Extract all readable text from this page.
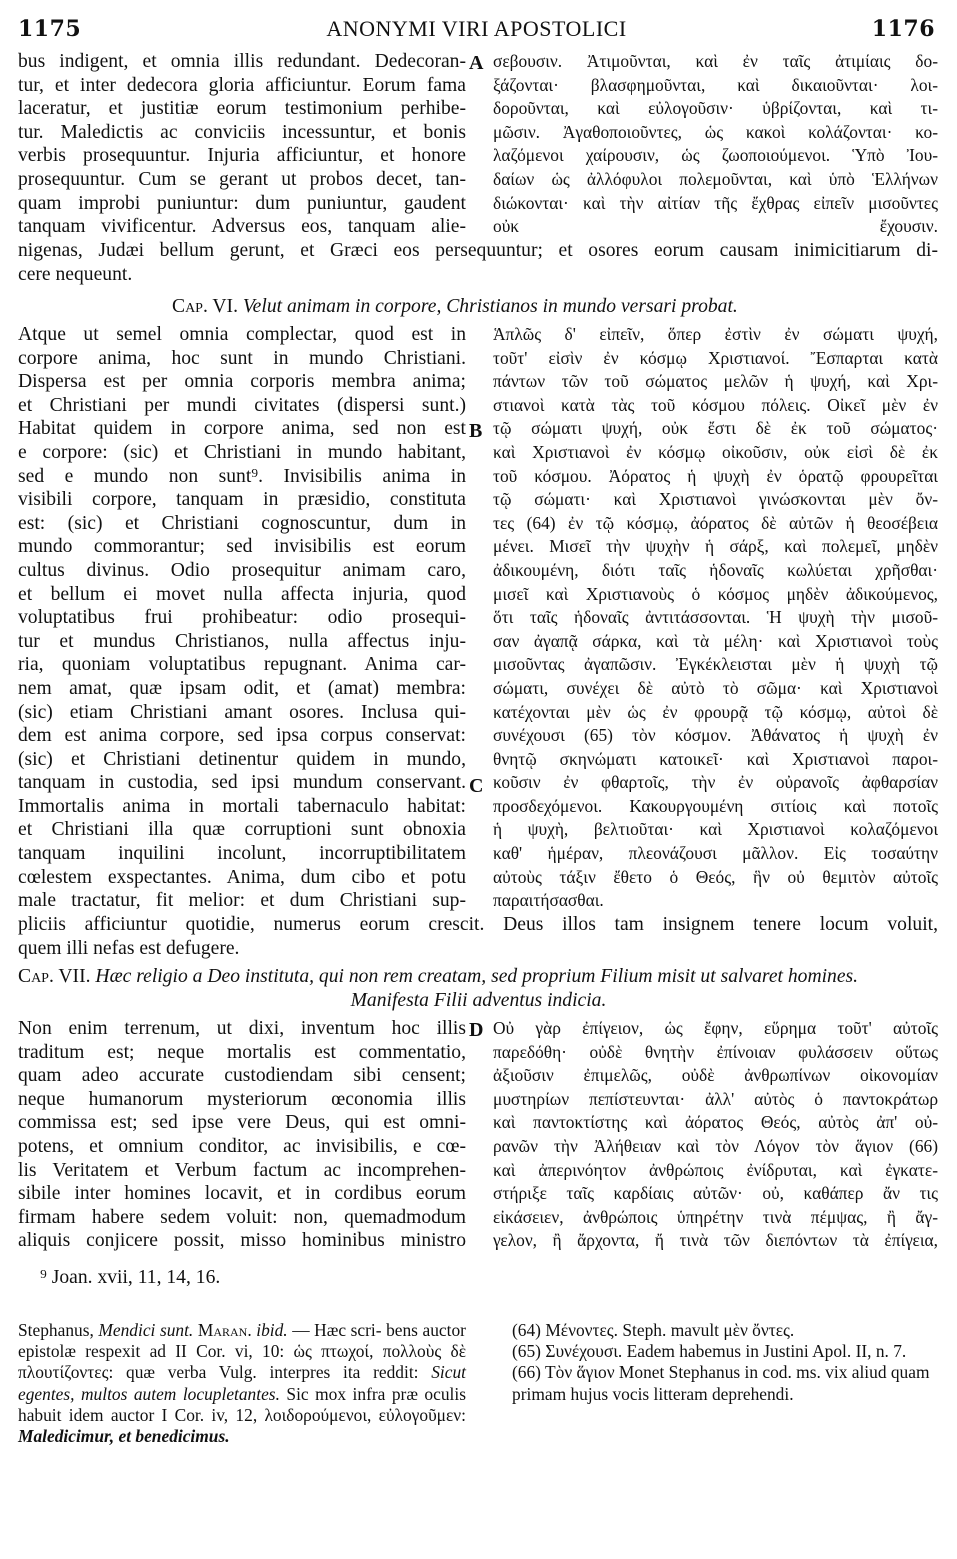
1175	ANONYMI VIRI APOSTOLICI	1176
bus indigent, et omnia illis redundant. Dedecoran-
tur, et inter dedecora gloria afficiuntur. Eorum fama
laceratur, et justitiæ eorum testimonium perhibe-
tur. Maledictis ac conviciis incessuntur, et bonis
verbis prosequuntur. Injuria afficiuntur, et honore
prosequuntur. Cum se gerant ut probos decet, tan-
quam improbi puniuntur: dum puniuntur, gaudent
tanquam vivificentur. Adversus eos, tanquam alie-
A σεβουσιν. Ἀτιμοῦνται, καὶ ἐν ταῖς ἀτιμίαις δο-
ξάζονται· βλασφημοῦνται, καὶ δικαιοῦνται· λοι-
δοροῦνται, καὶ εὐλογοῦσιν· ὑβρίζονται, καὶ τι-
μῶσιν. Ἀγαθοποιοῦντες, ὡς κακοὶ κολάζονται· κο-
λαζόμενοι χαίρουσιν, ὡς ζωοποιούμενοι. Ὑπὸ Ἰου-
δαίων ὡς ἀλλόφυλοι πολεμοῦνται, καὶ ὑπὸ Ἑλλήνων
διώκονται· καὶ τὴν αἰτίαν τῆς ἔχθρας εἰπεῖν μισοῦντες
οὐκ ἔχουσιν.
nigenas, Judæi bellum gerunt, et Græci eos persequuntur; et osores eorum causam inimicitiarum di-
cere nequeunt.
Cap. VI. Velut animam in corpore, Christianos in mundo versari probat.
Atque ut semel omnia complectar, quod est in
corpore anima, hoc sunt in mundo Christiani.
Dispersa est per omnia corporis membra anima;
et Christiani per mundi civitates (dispersi sunt.)
Habitat quidem in corpore anima, sed non est
e corpore: (sic) et Christiani in mundo habitant,
sed e mundo non sunt⁹. Invisibilis anima in
visibili corpore, tanquam in præsidio, constituta
est: (sic) et Christiani cognoscuntur, dum in
mundo commorantur; sed invisibilis est eorum
cultus divinus. Odio prosequitur animam caro,
et bellum ei movet nulla affecta injuria, quod
voluptatibus frui prohibeatur: odio prosequi-
tur et mundus Christianos, nulla affectus inju-
ria, quoniam voluptatibus repugnant. Anima car-
nem amat, quæ ipsam odit, et (amat) membra:
(sic) etiam Christiani amant osores. Inclusa qui-
dem est anima corpore, sed ipsa corpus conservat:
(sic) et Christiani detinentur quidem in mundo,
tanquam in custodia, sed ipsi mundum conservant.
Immortalis anima in mortali tabernaculo habitat:
et Christiani illa quæ corruptioni sunt obnoxia
tanquam inquilini incolunt, incorruptibilitatem
cœlestem exspectantes. Anima, dum cibo et potu
male tractatur, fit melior: et dum Christiani sup-
B
C
Ἁπλῶς δ' εἰπεῖν, ὅπερ ἐστὶν ἐν σώματι ψυχή,
τοῦτ' εἰσὶν ἐν κόσμῳ Χριστιανοί. Ἔσπαρται κατὰ
πάντων τῶν τοῦ σώματος μελῶν ἡ ψυχή, καὶ Χρι-
στιανοὶ κατὰ τὰς τοῦ κόσμου πόλεις. Οἰκεῖ μὲν ἐν
τῷ σώματι ψυχή, οὐκ ἔστι δὲ ἐκ τοῦ σώματος·
καὶ Χριστιανοὶ ἐν κόσμῳ οἰκοῦσιν, οὐκ εἰσὶ δὲ ἐκ
τοῦ κόσμου. Ἀόρατος ἡ ψυχὴ ἐν ὁρατῷ φρουρεῖται
τῷ σώματι· καὶ Χριστιανοὶ γινώσκονται μὲν ὄν-
τες (64) ἐν τῷ κόσμῳ, ἀόρατος δὲ αὐτῶν ἡ θεοσέβεια
μένει. Μισεῖ τὴν ψυχὴν ἡ σάρξ, καὶ πολεμεῖ, μηδὲν
ἀδικουμένη, διότι ταῖς ἡδοναῖς κωλύεται χρῆσθαι·
μισεῖ καὶ Χριστιανοὺς ὁ κόσμος μηδὲν ἀδικούμενος,
ὅτι ταῖς ἡδοναῖς ἀντιτάσσονται. Ἡ ψυχὴ τὴν μισοῦ-
σαν ἀγαπᾷ σάρκα, καὶ τὰ μέλη· καὶ Χριστιανοὶ τοὺς
μισοῦντας ἀγαπῶσιν. Ἐγκέκλεισται μὲν ἡ ψυχὴ τῷ
σώματι, συνέχει δὲ αὐτὸ τὸ σῶμα· καὶ Χριστιανοὶ
κατέχονται μὲν ὡς ἐν φρουρᾷ τῷ κόσμῳ, αὐτοὶ δὲ
συνέχουσι (65) τὸν κόσμον. Ἀθάνατος ἡ ψυχὴ ἐν
θνητῷ σκηνώματι κατοικεῖ· καὶ Χριστιανοὶ παροι-
κοῦσιν ἐν φθαρτοῖς, τὴν ἐν οὐρανοῖς ἀφθαρσίαν
προσδεχόμενοι. Κακουργουμένη σιτίοις καὶ ποτοῖς
ἡ ψυχὴ, βελτιοῦται· καὶ Χριστιανοὶ κολαζόμενοι
καθ' ἡμέραν, πλεονάζουσι μᾶλλον. Εἰς τοσαύτην
αὐτοὺς τάξιν ἔθετο ὁ Θεός, ἣν οὐ θεμιτὸν αὐτοῖς
παραιτήσασθαι.
pliciis afficiuntur quotidie, numerus eorum crescit. Deus illos tam insignem tenere locum voluit,
quem illi nefas est defugere.
Cap. VII. Hæc religio a Deo instituta, qui non rem creatam, sed proprium Filium misit ut salvaret homines.
Manifesta Filii adventus indicia.
Non enim terrenum, ut dixi, inventum hoc illis
traditum est; neque mortalis est commentatio,
quam adeo accurate custodiendam sibi censent;
neque humanorum mysteriorum œconomia illis
commissa est; sed ipse vere Deus, qui est omni-
potens, et omnium conditor, ac invisibilis, e cœ-
lis Veritatem et Verbum factum ac incomprehen-
sibile inter homines locavit, et in cordibus eorum
firmam habere sedem voluit: non, quemadmodum
aliquis conjicere possit, misso hominibus ministro
D Οὐ γὰρ ἐπίγειον, ὡς ἔφην, εὕρημα τοῦτ' αὐτοῖς
παρεδόθη· οὐδὲ θνητὴν ἐπίνοιαν φυλάσσειν οὕτως
ἀξιοῦσιν ἐπιμελῶς, οὐδὲ ἀνθρωπίνων οἰκονομίαν
μυστηρίων πεπίστευνται· ἀλλ' αὐτὸς ὁ παντοκράτωρ
καὶ παντοκτίστης καὶ ἀόρατος Θεός, αὐτὸς ἀπ' οὐ-
ρανῶν τὴν Ἀλήθειαν καὶ τὸν Λόγον τὸν ἅγιον (66)
καὶ ἀπερινόητον ἀνθρώποις ἐνίδρυται, καὶ ἐγκατε-
στήριξε ταῖς καρδίαις αὐτῶν· οὐ, καθάπερ ἄν τις
εἰκάσειεν, ἀνθρώποις ὑπηρέτην τινὰ πέμψας, ἢ ἄγ-
γελον, ἢ ἄρχοντα, ἤ τινὰ τῶν διεπόντων τὰ ἐπίγεια,
⁹ Joan. xvii, 11, 14, 16.
Stephanus, Mendici sunt. Maran. ibid. — Hæc scri- bens auctor epistolæ respexit ad II Cor. vi, 10: ὡς πτωχοί, πολλοὺς δὲ πλουτίζοντες: quæ verba Vulg. interpres ita reddit: Sicut egentes, multos autem locupletantes. Sic mox infra præ oculis habuit idem auctor I Cor. iv, 12, λοιδορούμενοι, εὐλογοῦμεν: Maledicimur, et benedicimus.
(64) Μένοντες. Steph. mavult μὲν ὄντες.
(65) Συνέχουσι. Eadem habemus in Justini Apol. II, n. 7.
(66) Τὸν ἅγιον Monet Stephanus in cod. ms. vix aliud quam primam hujus vocis litteram deprehendi.
